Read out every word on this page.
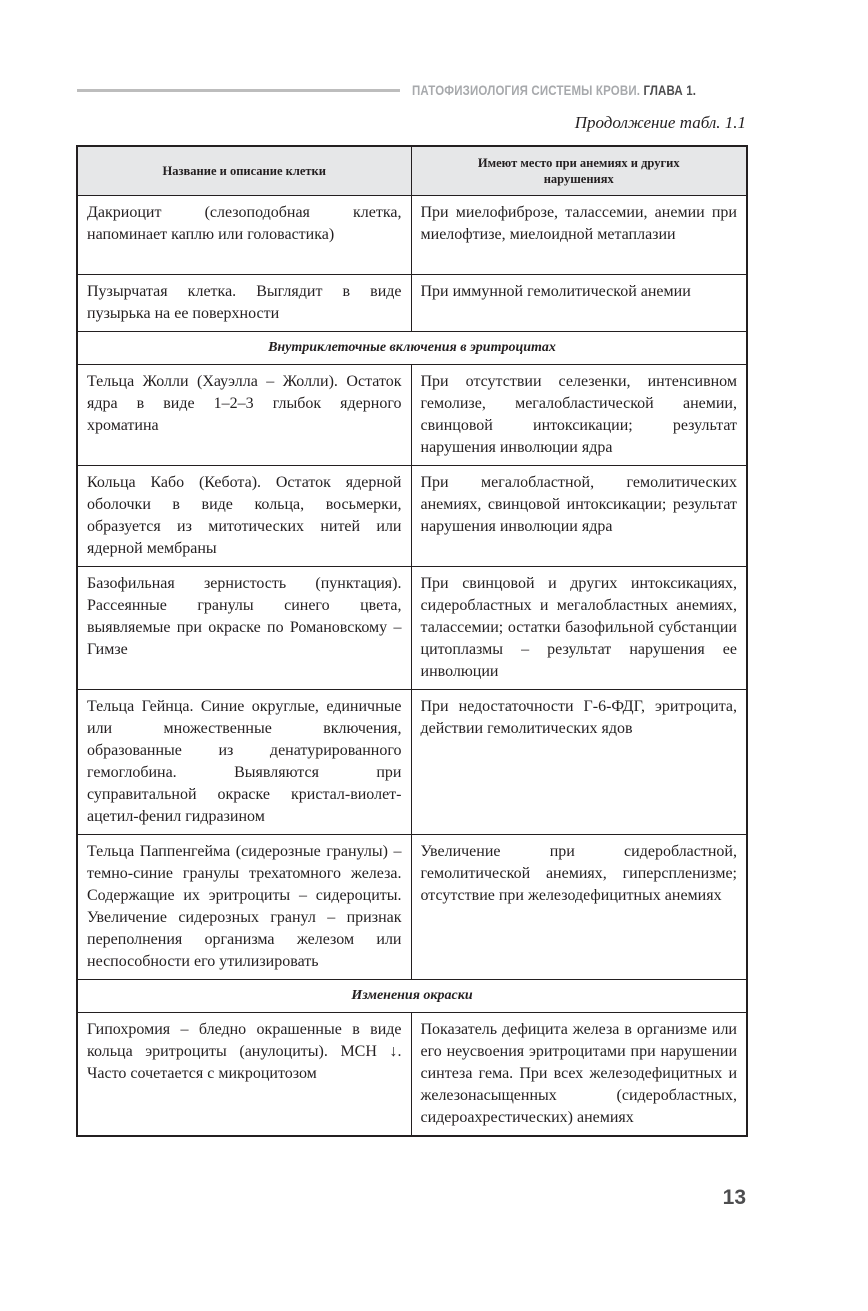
ПАТОФИЗИОЛОГИЯ СИСТЕМЫ КРОВИ. ГЛАВА 1.
Продолжение табл. 1.1
Название и описание клетки	Имеют место при анемиях и других нарушениях
Дакриоцит (слезоподобная клетка, напоминает каплю или головастика)	При миелофиброзе, талассемии, анемии при миелофтизе, миелоидной метаплазии
Пузырчатая клетка. Выглядит в виде пузырька на ее поверхности	При иммунной гемолитической анемии
Внутриклеточные включения в эритроцитах	
Тельца Жолли (Хауэлла – Жолли). Остаток ядра в виде 1–2–3 глыбок ядерного хроматина	При отсутствии селезенки, интенсивном гемолизе, мегалобластической анемии, свинцовой интоксикации; результат нарушения инволюции ядра
Кольца Кабо (Кебота). Остаток ядерной оболочки в виде кольца, восьмерки, образуется из митотических нитей или ядерной мембраны	При мегалобластной, гемолитических анемиях, свинцовой интоксикации; результат нарушения инволюции ядра
Базофильная зернистость (пунктация). Рассеянные гранулы синего цвета, выявляемые при окраске по Романовскому – Гимзе	При свинцовой и других интоксикациях, сидеробластных и мегалобластных анемиях, талассемии; остатки базофильной субстанции цитоплазмы – результат нарушения ее инволюции
Тельца Гейнца. Синие округлые, единичные или множественные включения, образованные из денатурированного гемоглобина. Выявляются при суправитальной окраске кристал-виолет-ацетил-фенил гидразином	При недостаточности Г-6-ФДГ, эритроцита, действии гемолитических ядов
Тельца Паппенгейма (сидерозные гранулы) – темно-синие гранулы трехатомного железа. Содержащие их эритроциты – сидероциты. Увеличение сидерозных гранул – признак переполнения организма железом или неспособности его утилизировать	Увеличение при сидеробластной, гемолитической анемиях, гиперспленизме; отсутствие при железодефицитных анемиях
Изменения окраски	
Гипохромия – бледно окрашенные в виде кольца эритроциты (анулоциты). MCH ↓. Часто сочетается с микроцитозом	Показатель дефицита железа в организме или его неусвоения эритроцитами при нарушении синтеза гема. При всех железодефицитных и железонасыщенных (сидеробластных, сидероахрестических) анемиях
13
